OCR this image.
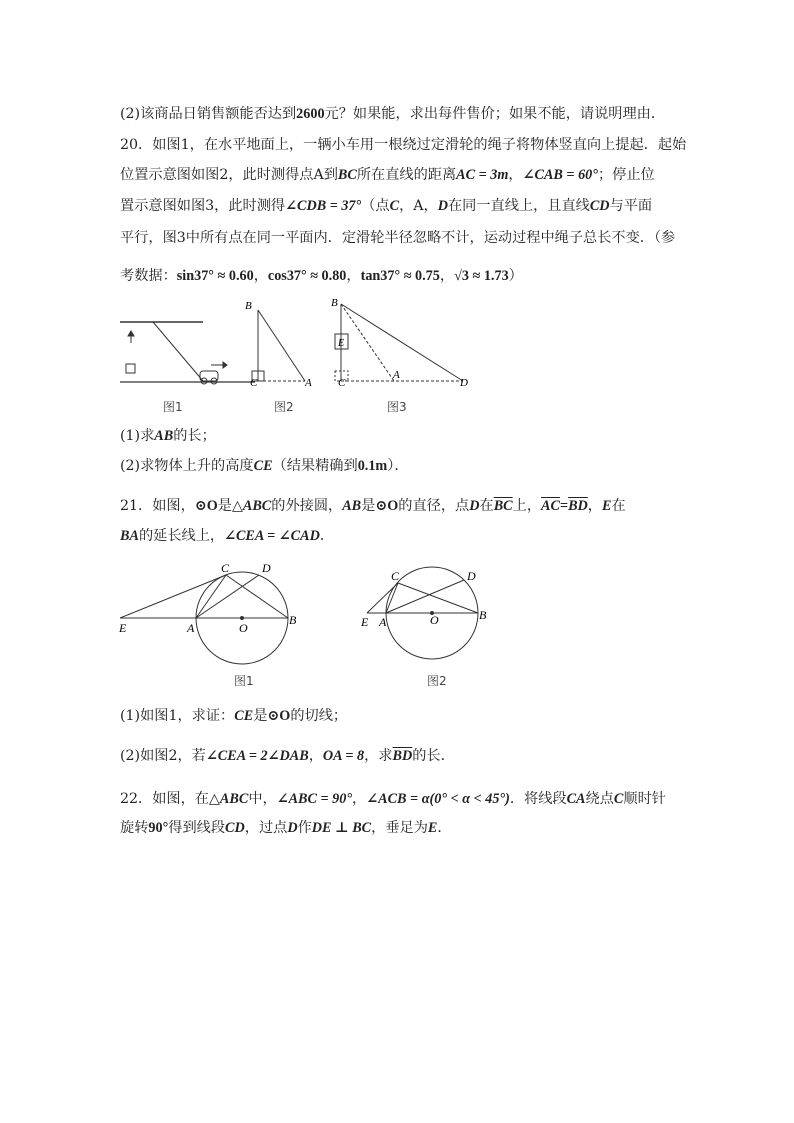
(2)该商品日销售额能否达到2600元？如果能，求出每件售价；如果不能，请说明理由．
20．如图1，在水平地面上，一辆小车用一根绕过定滑轮的绳子将物体竖直向上提起．起始
位置示意图如图2，此时测得点A到BC所在直线的距离AC = 3m，∠CAB = 60°；停止位
置示意图如图3，此时测得∠CDB = 37°（点C，A，D在同一直线上，且直线CD与平面
平行，图3中所有点在同一平面内．定滑轮半径忽略不计，运动过程中绳子总长不变．（参
考数据：sin37° ≈ 0.60，cos37° ≈ 0.80，tan37° ≈ 0.75，√3 ≈ 1.73）
B
C	A
B
E
C
A
D
图1	图2	图3
(1)求AB的长；
(2)求物体上升的高度CE（结果精确到0.1m）．
21．如图，⊙O是△ABC的外接圆，AB是⊙O的直径，点D在$\overline{BC}$上，$\overline{AC}=\overline{BD}$，E在
BA的延长线上，∠CEA = ∠CAD．
C	D
E	A	O
B
C	D
E A	O	B
图1	图2
(1)如图1，求证：CE是⊙O的切线；
(2)如图2，若∠CEA = 2∠DAB，OA = 8，求$\overline{BD}$的长．
22．如图，在△ABC中，∠ABC = 90°，∠ACB = α(0° < α < 45°)．将线段CA绕点C顺时针
旋转90°得到线段CD，过点D作DE ⊥ BC，垂足为E．
